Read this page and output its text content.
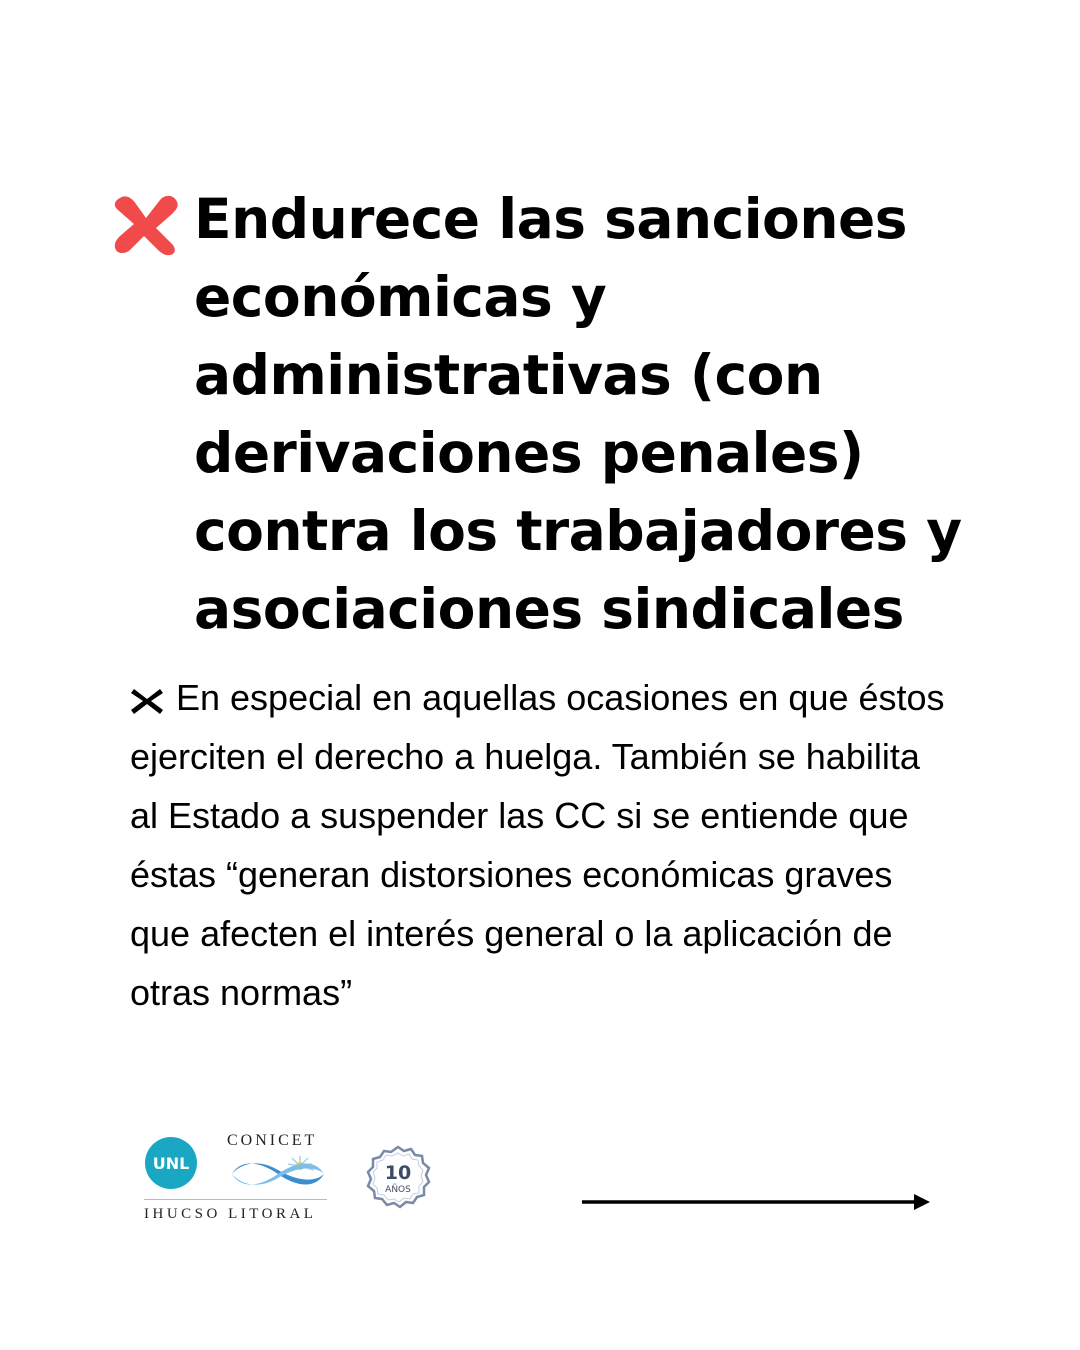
Endurece las sanciones
económicas y
administrativas (con
derivaciones penales)
contra los trabajadores y
asociaciones sindicales

En especial en aquellas ocasiones en que éstos
ejerciten el derecho a huelga. También se habilita
al Estado a suspender las CC si se entiende que
éstas “generan distorsiones económicas graves
que afecten el interés general o la aplicación de
otras normas”

UNL
CONICET
IHUCSO LITORAL
10
AÑOS
